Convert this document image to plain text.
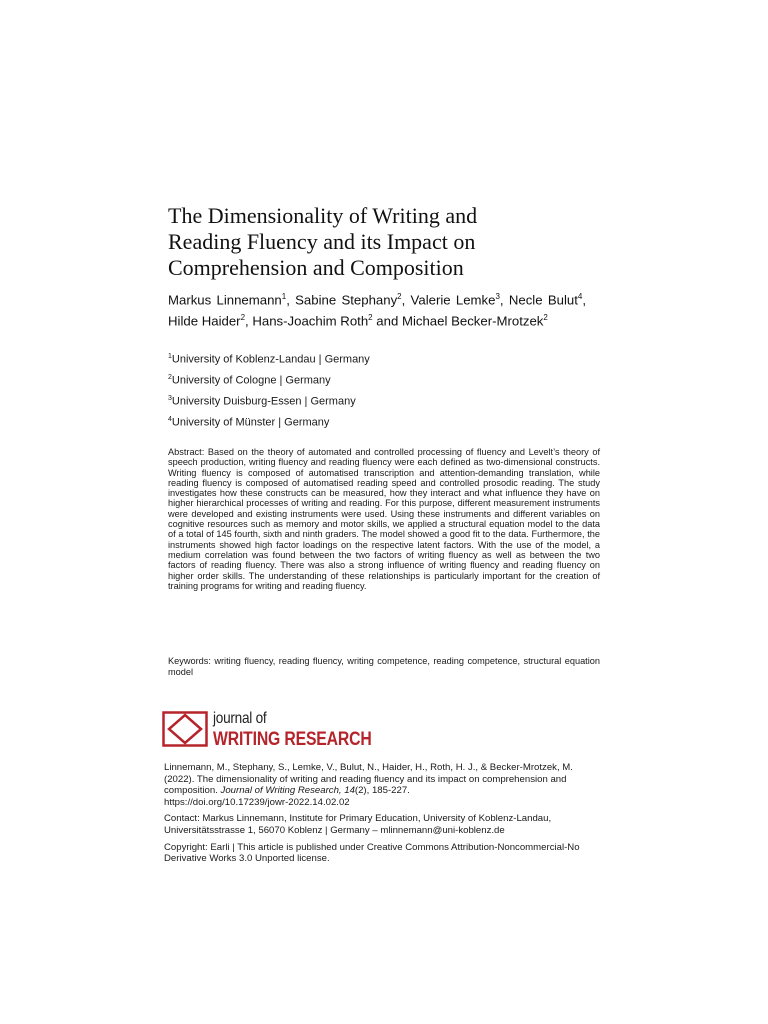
The Dimensionality of Writing and
Reading Fluency and its Impact on
Comprehension and Composition
Markus Linnemann$^1$, Sabine Stephany$^2$, Valerie Lemke$^3$, Necle Bulut$^4$, Hilde Haider$^2$, Hans-Joachim Roth$^2$ and Michael Becker-Mrotzek$^2$
$^1$University of Koblenz-Landau | Germany
$^2$University of Cologne | Germany
$^3$University Duisburg-Essen | Germany
$^4$University of Münster | Germany
Abstract: Based on the theory of automated and controlled processing of fluency and Levelt’s theory of speech production, writing fluency and reading fluency were each defined as two-dimensional constructs. Writing fluency is composed of automatised transcription and attention-demanding translation, while reading fluency is composed of automatised reading speed and controlled prosodic reading. The study investigates how these constructs can be measured, how they interact and what influence they have on higher hierarchical processes of writing and reading. For this purpose, different measurement instruments were developed and existing instruments were used. Using these instruments and different variables on cognitive resources such as memory and motor skills, we applied a structural equation model to the data of a total of 145 fourth, sixth and ninth graders. The model showed a good fit to the data. Furthermore, the instruments showed high factor loadings on the respective latent factors. With the use of the model, a medium correlation was found between the two factors of writing fluency as well as between the two factors of reading fluency. There was also a strong influence of writing fluency and reading fluency on higher order skills. The understanding of these relationships is particularly important for the creation of training programs for writing and reading fluency.
Keywords: writing fluency, reading fluency, writing competence, reading competence, structural equation model
journal of
WRITING RESEARCH

Linnemann, M., Stephany, S., Lemke, V., Bulut, N., Haider, H., Roth, H. J., & Becker-Mrotzek, M. (2022). The dimensionality of writing and reading fluency and its impact on comprehension and composition. Journal of Writing Research, 14(2), 185-227.
https://doi.org/10.17239/jowr-2022.14.02.02

Contact: Markus Linnemann, Institute for Primary Education, University of Koblenz-Landau, Universitätsstrasse 1, 56070 Koblenz | Germany – mlinnemann@uni-koblenz.de

Copyright: Earli | This article is published under Creative Commons Attribution-Noncommercial-No Derivative Works 3.0 Unported license.
